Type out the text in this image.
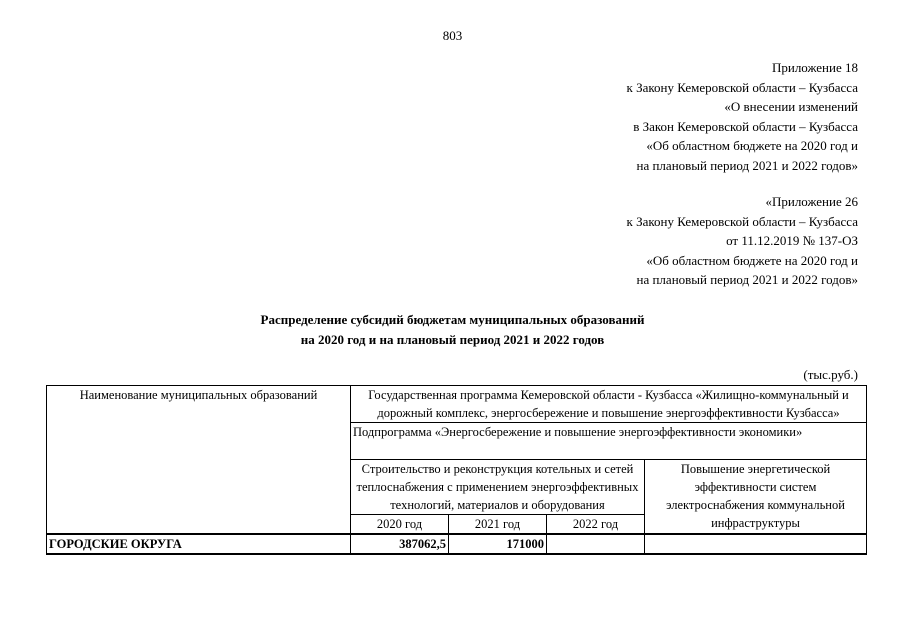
803
Приложение 18
к Закону Кемеровской области – Кузбасса
«О внесении изменений
в Закон Кемеровской области – Кузбасса
«Об областном бюджете на 2020 год и
на плановый период 2021 и 2022 годов»
«Приложение 26
к Закону Кемеровской области – Кузбасса
от 11.12.2019 № 137-ОЗ
«Об областном бюджете на 2020 год и
на плановый период 2021 и 2022 годов»
Распределение субсидий бюджетам муниципальных образований
на 2020 год и на плановый период 2021 и 2022 годов
(тыс.руб.)
Наименование муниципальных образований	Государственная программа Кемеровской области - Кузбасса «Жилищно-коммунальный и дорожный комплекс, энергосбережение и повышение энергоэффективности Кузбасса»			
	Подпрограмма «Энергосбережение и повышение энергоэффективности экономики»			
	Строительство и реконструкция котельных и сетей теплоснабжения с применением энергоэффективных технологий, материалов и оборудования			Повышение энергетической эффективности систем электроснабжения коммунальной инфраструктуры
	2020 год	2021 год	2022 год	
ГОРОДСКИЕ ОКРУГА	387062,5	171000		
